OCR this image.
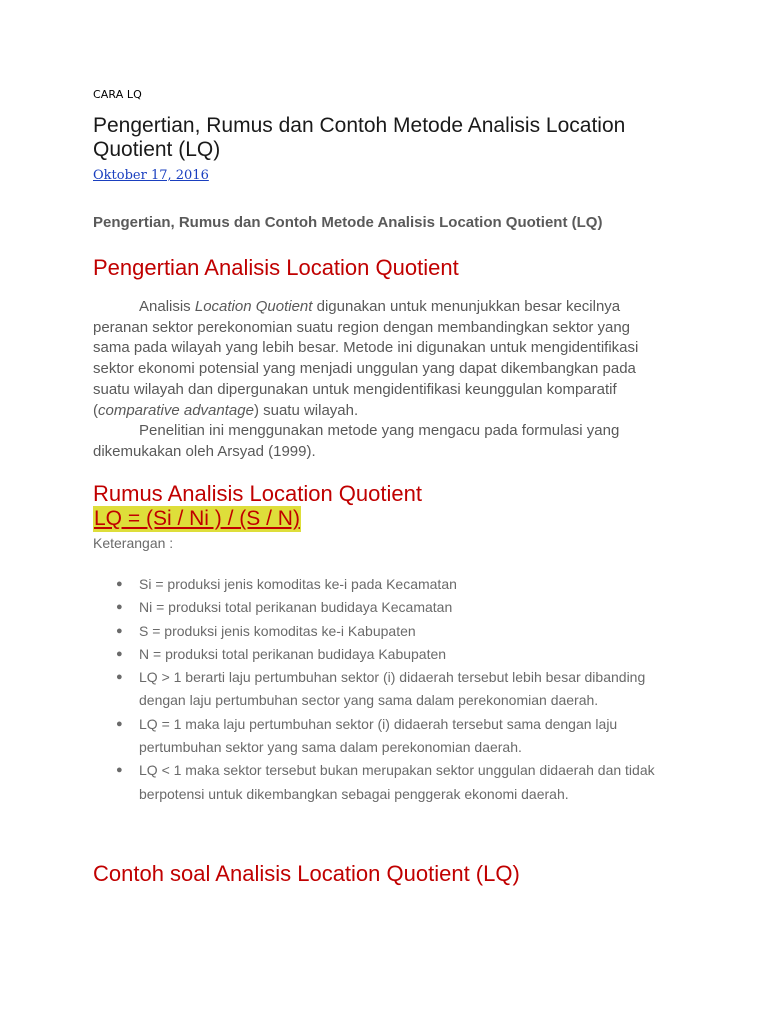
CARA LQ
Pengertian, Rumus dan Contoh Metode Analisis Location Quotient (LQ)
Oktober 17, 2016
Pengertian, Rumus dan Contoh Metode Analisis Location Quotient (LQ)
Pengertian Analisis Location Quotient

Analisis Location Quotient digunakan untuk menunjukkan besar kecilnya peranan sektor perekonomian suatu region dengan membandingkan sektor yang sama pada wilayah yang lebih besar. Metode ini digunakan untuk mengidentifikasi sektor ekonomi potensial yang menjadi unggulan yang dapat dikembangkan pada suatu wilayah dan dipergunakan untuk mengidentifikasi keunggulan komparatif (comparative advantage) suatu wilayah.

Penelitian ini menggunakan metode yang mengacu pada formulasi yang dikemukakan oleh Arsyad (1999).

Rumus Analisis Location Quotient
LQ = (Si / Ni ) / (S / N)
Keterangan :
● Si = produksi jenis komoditas ke-i pada Kecamatan
● Ni = produksi total perikanan budidaya Kecamatan
● S = produksi jenis komoditas ke-i Kabupaten
● N = produksi total perikanan budidaya Kabupaten
● LQ > 1 berarti laju pertumbuhan sektor (i) didaerah tersebut lebih besar dibanding dengan laju pertumbuhan sector yang sama dalam perekonomian daerah.
● LQ = 1 maka laju pertumbuhan sektor (i) didaerah tersebut sama dengan laju pertumbuhan sektor yang sama dalam perekonomian daerah.
● LQ < 1 maka sektor tersebut bukan merupakan sektor unggulan didaerah dan tidak berpotensi untuk dikembangkan sebagai penggerak ekonomi daerah.
Contoh soal Analisis Location Quotient (LQ)
